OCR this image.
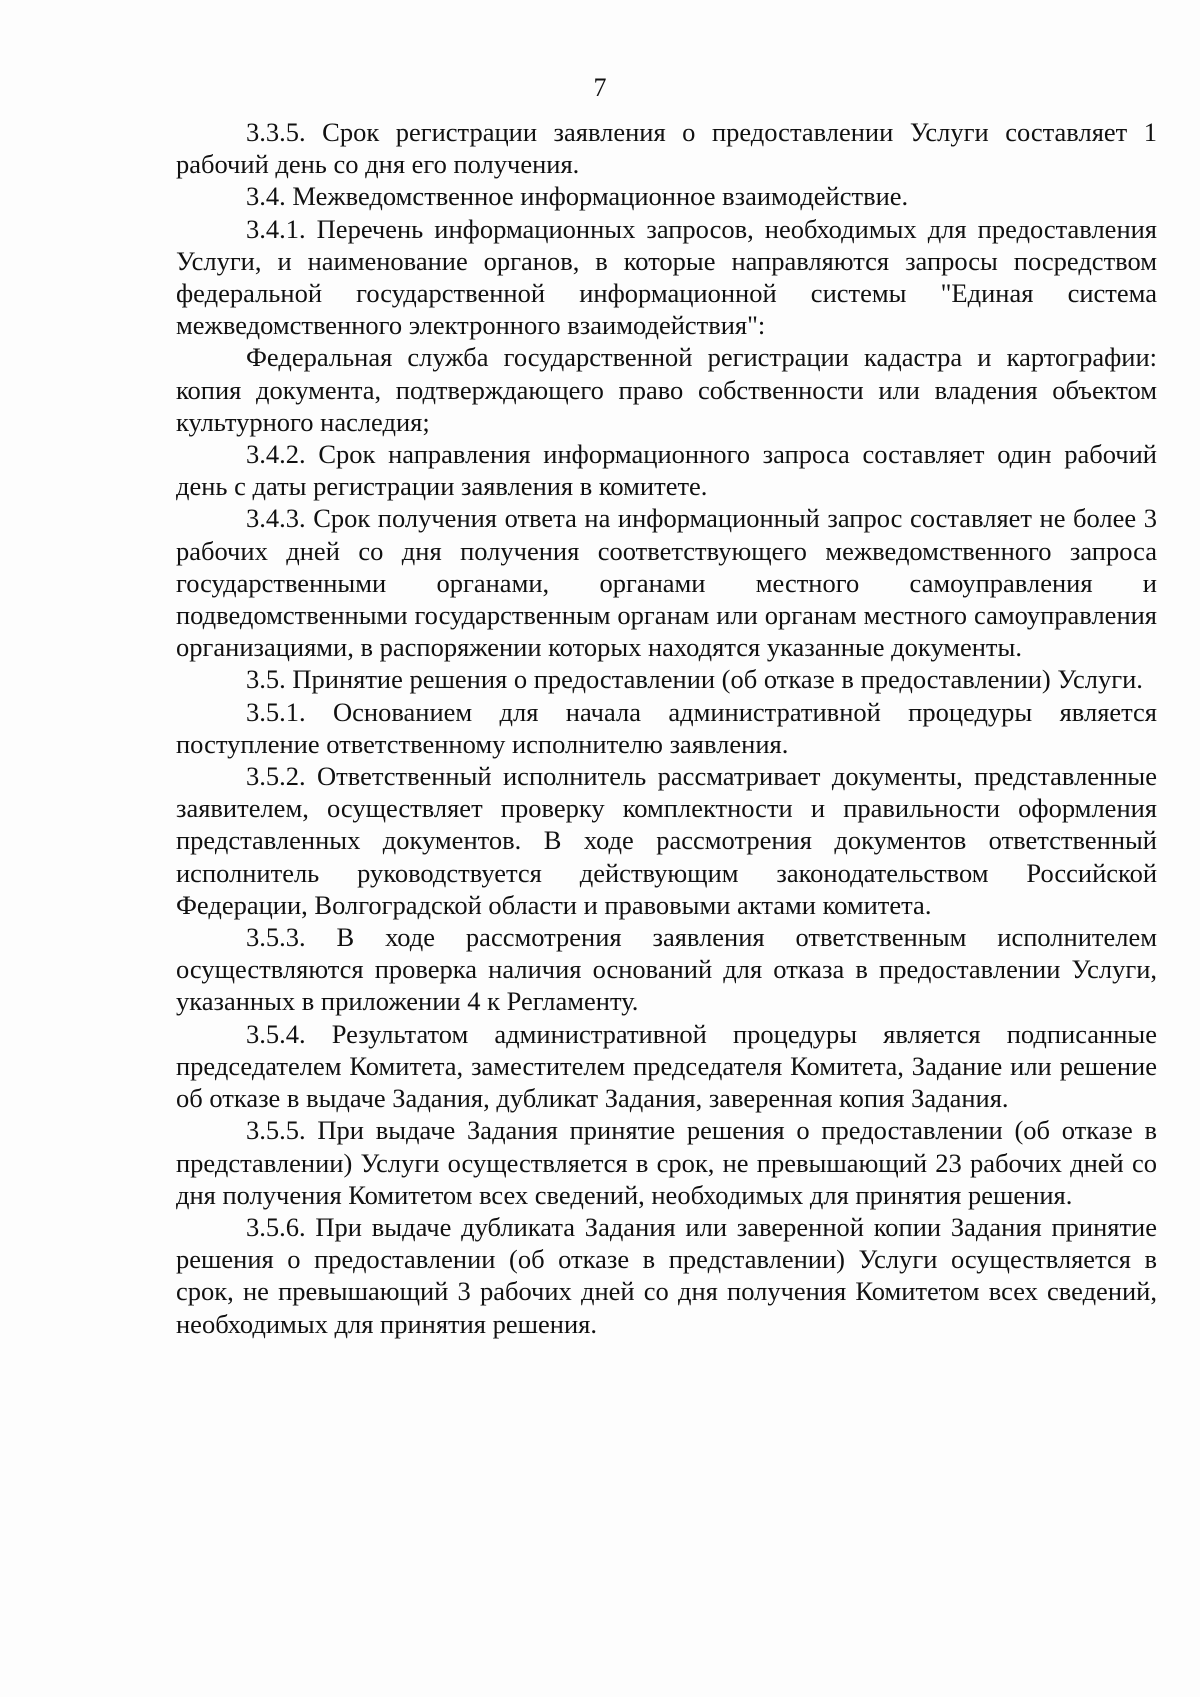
7

3.3.5. Срок регистрации заявления о предоставлении Услуги составляет 1 рабочий день со дня его получения.

3.4. Межведомственное информационное взаимодействие.

3.4.1. Перечень информационных запросов, необходимых для предоставления Услуги, и наименование органов, в которые направляются запросы посредством федеральной государственной информационной системы "Единая система межведомственного электронного взаимодействия":

Федеральная служба государственной регистрации кадастра и картографии: копия документа, подтверждающего право собственности или владения объектом культурного наследия;

3.4.2. Срок направления информационного запроса составляет один рабочий день с даты регистрации заявления в комитете.

3.4.3. Срок получения ответа на информационный запрос составляет не более 3 рабочих дней со дня получения соответствующего межведомственного запроса государственными органами, органами местного самоуправления и подведомственными государственным органам или органам местного самоуправления организациями, в распоряжении которых находятся указанные документы.

3.5. Принятие решения о предоставлении (об отказе в предоставлении) Услуги.

3.5.1. Основанием для начала административной процедуры является поступление ответственному исполнителю заявления.

3.5.2. Ответственный исполнитель рассматривает документы, представленные заявителем, осуществляет проверку комплектности и правильности оформления представленных документов. В ходе рассмотрения документов ответственный исполнитель руководствуется действующим законодательством Российской Федерации, Волгоградской области и правовыми актами комитета.

3.5.3. В ходе рассмотрения заявления ответственным исполнителем осуществляются проверка наличия оснований для отказа в предоставлении Услуги, указанных в приложении 4 к Регламенту.

3.5.4. Результатом административной процедуры является подписанные председателем Комитета, заместителем председателя Комитета, Задание или решение об отказе в выдаче Задания, дубликат Задания, заверенная копия Задания.

3.5.5. При выдаче Задания принятие решения о предоставлении (об отказе в представлении) Услуги осуществляется в срок, не превышающий 23 рабочих дней со дня получения Комитетом всех сведений, необходимых для принятия решения.

3.5.6. При выдаче дубликата Задания или заверенной копии Задания принятие решения о предоставлении (об отказе в представлении) Услуги осуществляется в срок, не превышающий 3 рабочих дней со дня получения Комитетом всех сведений, необходимых для принятия решения.
